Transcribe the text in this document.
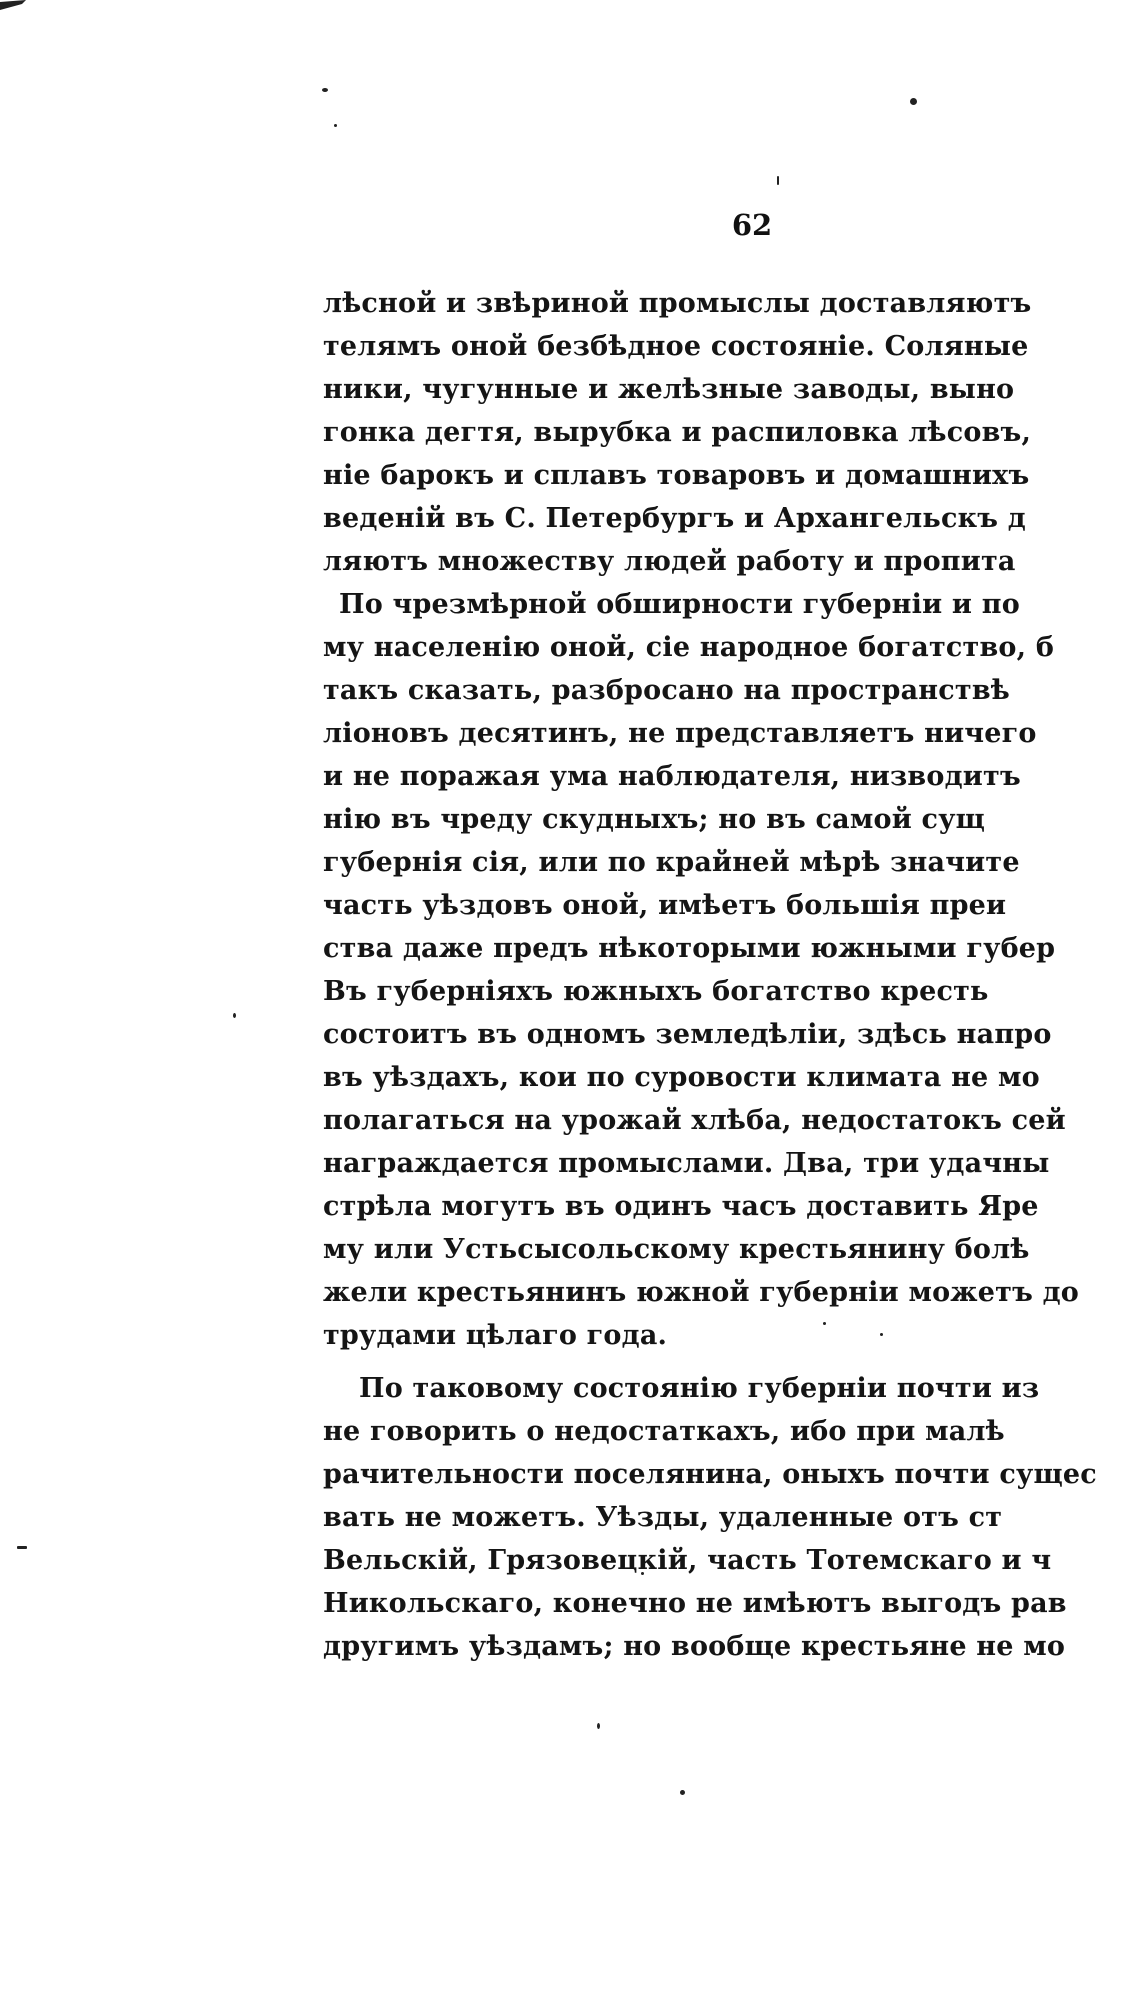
62
лѣсной и звѣриной промыслы доставляютъ
телямъ оной безбѣдное состояніе. Соляные
ники, чугунные и желѣзные заводы, выно
гонка дегтя, вырубка и распиловка лѣсовъ,
ніе барокъ и сплавъ товаровъ и домашнихъ
веденій въ С. Петербургъ и Архангельскъ д
ляютъ множеству людей работу и пропита
По чрезмѣрной обширности губерніи и по
му населенію оной, сіе народное богатство, б
такъ сказать, разбросано на пространствѣ
ліоновъ десятинъ, не представляетъ ничего
и не поражая ума наблюдателя, низводитъ
нію въ чреду скудныхъ; но въ самой сущ
губернія сія, или по крайней мѣрѣ значите
часть уѣздовъ оной, имѣетъ большія преи
ства даже предъ нѣкоторыми южными губер
Въ губерніяхъ южныхъ богатство кресть
состоитъ въ одномъ земледѣліи, здѣсь напро
въ уѣздахъ, кои по суровости климата не мо
полагаться на урожай хлѣба, недостатокъ сей
награждается промыслами. Два, три удачны
стрѣла могутъ въ одинъ часъ доставить Яре
му или Устьсысольскому крестьянину болѣ
жели крестьянинъ южной губерніи можетъ до
трудами цѣлаго года.
По таковому состоянію губерніи почти из
не говорить о недостаткахъ, ибо при малѣ
рачительности поселянина, оныхъ почти сущес
вать не можетъ. Уѣзды, удаленные отъ ст
Вельскій, Грязовецкій, часть Тотемскаго и ч
Никольскаго, конечно не имѣютъ выгодъ рав
другимъ уѣздамъ; но вообще крестьяне не мо
